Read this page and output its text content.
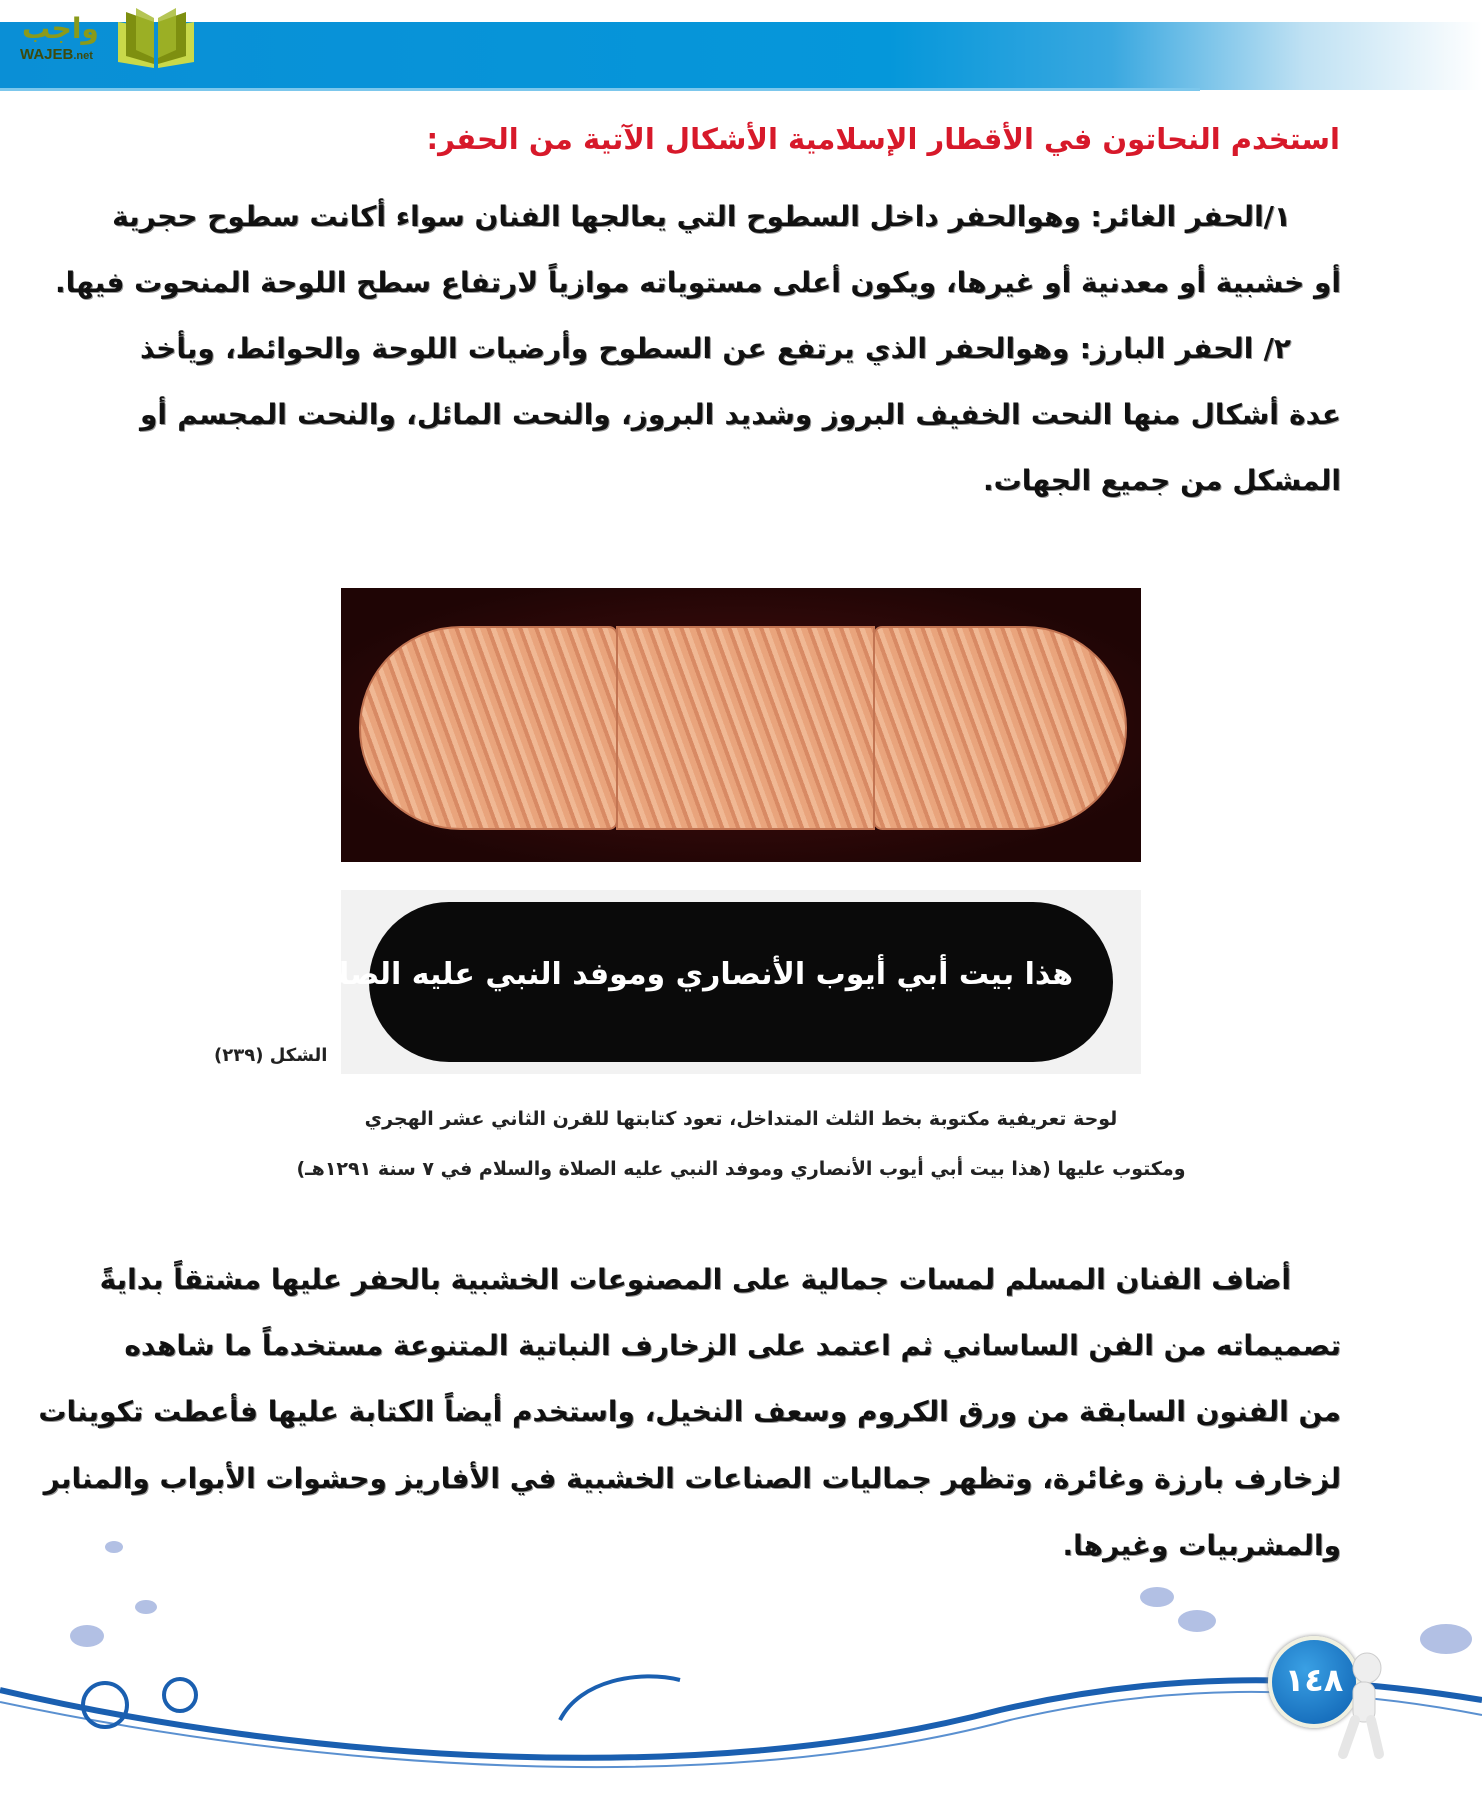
واجب
WAJEB.net
استخدم النحاتون في الأقطار الإسلامية الأشكال الآتية من الحفر:
١/الحفر الغائر: وهوالحفر داخل السطوح التي يعالجها الفنان سواء أكانت سطوح حجرية
أو خشبية أو معدنية أو غيرها، ويكون أعلى مستوياته موازياً لارتفاع سطح اللوحة المنحوت فيها.
٢/ الحفر البارز: وهوالحفر الذي يرتفع عن السطوح وأرضيات اللوحة والحوائط، ويأخذ
عدة أشكال منها النحت الخفيف البروز وشديد البروز، والنحت المائل، والنحت المجسم أو
المشكل من جميع الجهات.
هذا بيت أبي أيوب الأنصاري وموفد النبي عليه الصلاة والسلام ١٢٩١
الشكل (٢٣٩)
لوحة تعريفية مكتوبة بخط الثلث المتداخل، تعود كتابتها للقرن الثاني عشر الهجري
ومكتوب عليها (هذا بيت أبي أيوب الأنصاري وموفد النبي عليه الصلاة والسلام في ٧ سنة ١٢٩١هـ)
أضاف الفنان المسلم لمسات جمالية على المصنوعات الخشبية بالحفر عليها مشتقاً بدايةً
تصميماته من الفن الساساني ثم اعتمد على الزخارف النباتية المتنوعة مستخدماً ما شاهده
من الفنون السابقة من ورق الكروم وسعف النخيل، واستخدم أيضاً الكتابة عليها فأعطت تكوينات
لزخارف بارزة وغائرة، وتظهر جماليات الصناعات الخشبية في الأفاريز وحشوات الأبواب والمنابر
والمشربيات وغيرها.
١٤٨
